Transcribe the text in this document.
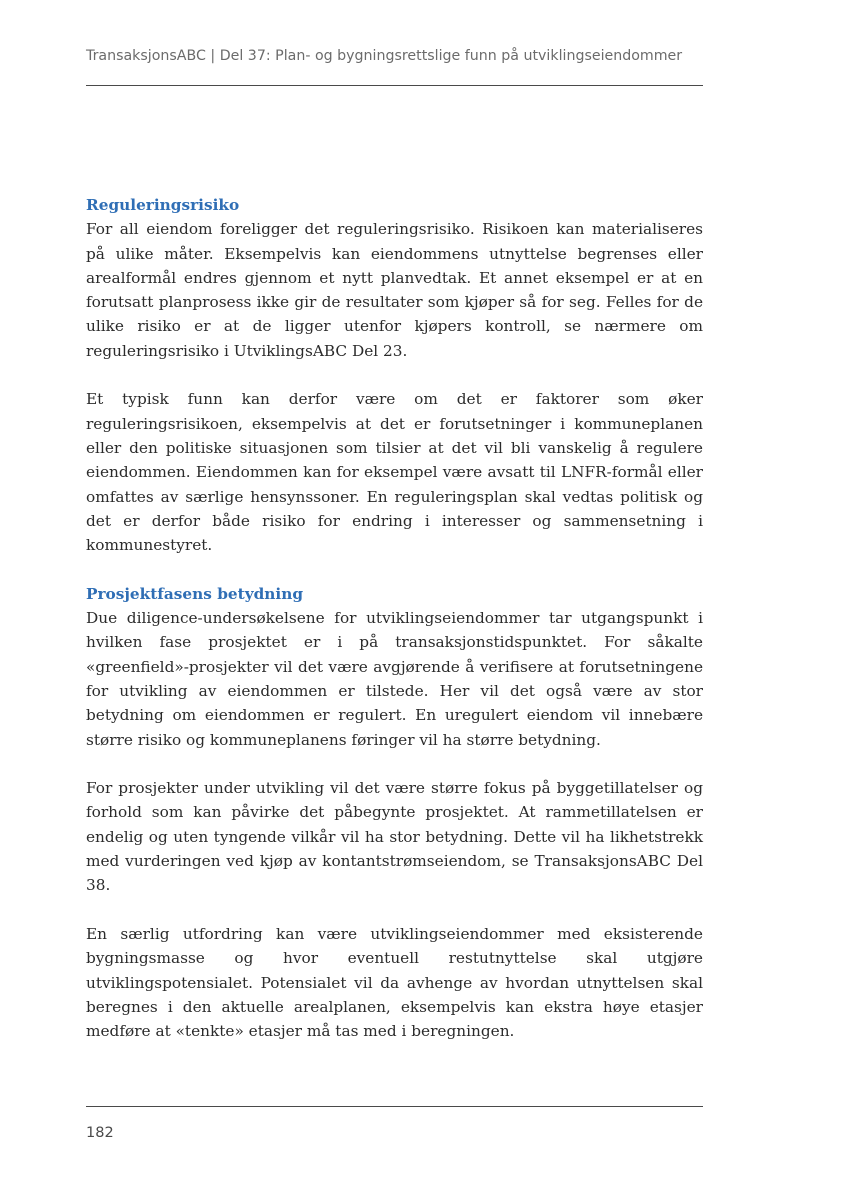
TransaksjonsABC | Del 37: Plan- og bygningsrettslige funn på utviklingseiendommer
Reguleringsrisiko

For all eiendom foreligger det reguleringsrisiko. Risikoen kan materialiseres på ulike måter. Eksempelvis kan eiendommens utnyttelse begrenses eller arealformål endres gjennom et nytt planvedtak. Et annet eksempel er at en forutsatt planprosess ikke gir de resultater som kjøper så for seg. Felles for de ulike risiko er at de ligger utenfor kjøpers kontroll, se nærmere om reguleringsrisiko i UtviklingsABC Del 23.

Et typisk funn kan derfor være om det er faktorer som øker reguleringsrisikoen, eksempelvis at det er forutsetninger i kommuneplanen eller den politiske situasjonen som tilsier at det vil bli vanskelig å regulere eiendommen. Eiendommen kan for eksempel være avsatt til LNFR-formål eller omfattes av særlige hensynssoner. En reguleringsplan skal vedtas politisk og det er derfor både risiko for endring i interesser og sammensetning i kommunestyret.

Prosjektfasens betydning

Due diligence-undersøkelsene for utviklingseiendommer tar utgangspunkt i hvilken fase prosjektet er i på transaksjonstidspunktet. For såkalte «greenfield»-prosjekter vil det være avgjørende å verifisere at forutsetningene for utvikling av eiendommen er tilstede. Her vil det også være av stor betydning om eiendommen er regulert. En uregulert eiendom vil innebære større risiko og kommuneplanens føringer vil ha større betydning.

For prosjekter under utvikling vil det være større fokus på byggetillatelser og forhold som kan påvirke det påbegynte prosjektet. At rammetillatelsen er endelig og uten tyngende vilkår vil ha stor betydning. Dette vil ha likhetstrekk med vurderingen ved kjøp av kontantstrømseiendom, se TransaksjonsABC Del 38.

En særlig utfordring kan være utviklingseiendommer med eksisterende bygningsmasse og hvor eventuell restutnyttelse skal utgjøre utviklingspotensialet. Potensialet vil da avhenge av hvordan utnyttelsen skal beregnes i den aktuelle arealplanen, eksempelvis kan ekstra høye etasjer medføre at «tenkte» etasjer må tas med i beregningen.

182
